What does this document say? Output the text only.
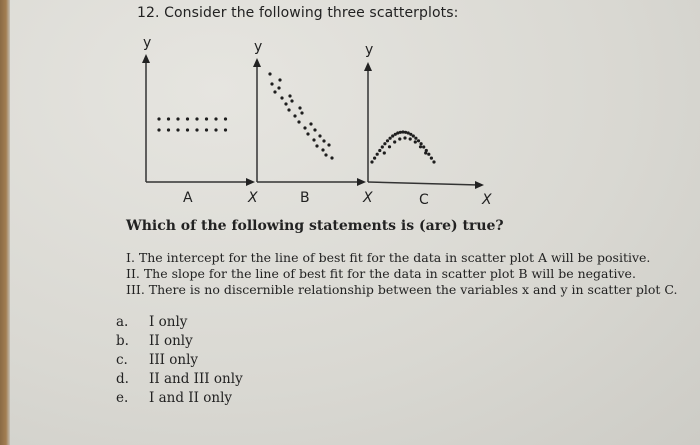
12. Consider the following three scatterplots:
y
X
A
y
X
B
y
X
C
Which of the following statements is (are) true?
I. The intercept for the line of best fit for the data in scatter plot A will be positive.
II. The slope for the line of best fit for the data in scatter plot B will be negative.
III. There is no discernible relationship between the variables x and y in scatter plot C.
a.	I only
b.	II only
c.	III only
d.	II and III only
e.	I and II only
